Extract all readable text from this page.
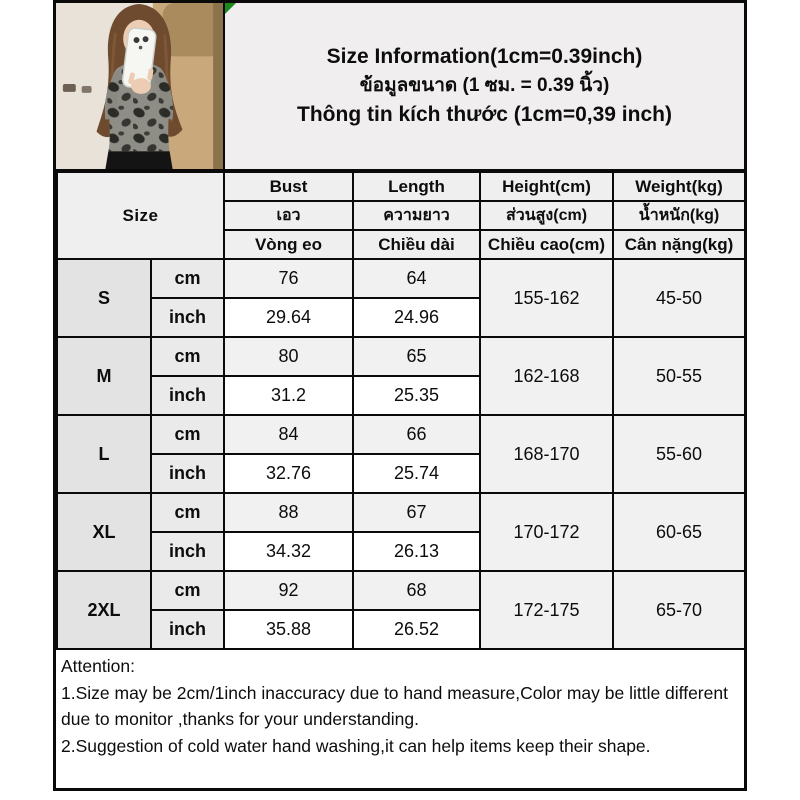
Size Information(1cm=0.39inch)
ข้อมูลขนาด (1 ซม. = 0.39 นิ้ว)
Thông tin kích thước (1cm=0,39 inch)
Size		Bust	Length	Height(cm)	Weight(kg)
		เอว	ความยาว	ส่วนสูง(cm)	น้ำหนัก(kg)
		Vòng eo	Chiều dài	Chiều cao(cm)	Cân nặng(kg)
S	cm	76	64	155-162	45-50
	inch	29.64	24.96		
M	cm	80	65	162-168	50-55
	inch	31.2	25.35		
L	cm	84	66	168-170	55-60
	inch	32.76	25.74		
XL	cm	88	67	170-172	60-65
	inch	34.32	26.13		
2XL	cm	92	68	172-175	65-70
	inch	35.88	26.52		

Attention:

1.Size may be 2cm/1inch inaccuracy due to hand measure,Color may be little different due to monitor ,thanks for your understanding.

2.Suggestion of cold water hand washing,it can help items keep their shape.
